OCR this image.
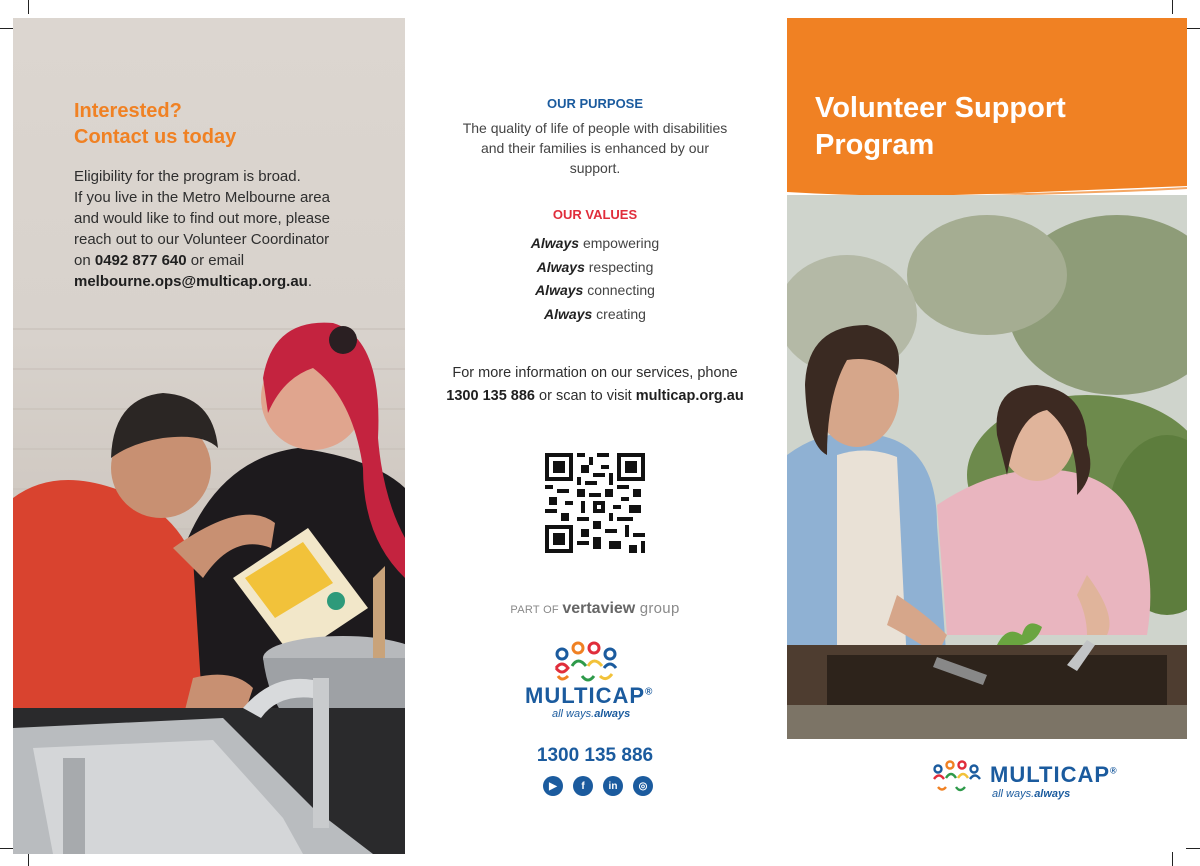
Interested?
Contact us today
Eligibility for the program is broad.
If you live in the Metro Melbourne area
and would like to find out more, please
reach out to our Volunteer Coordinator
on 0492 877 640 or email
melbourne.ops@multicap.org.au.
OUR PURPOSE
The quality of life of people with disabilities and their families is enhanced by our support.
OUR VALUES
Always empowering
Always respecting
Always connecting
Always creating
For more information on our services, phone
1300 135 886 or scan to visit multicap.org.au
PART OF vertaview group
MULTICAP®
all ways.always
1300 135 886
▶	f	in	◎
Volunteer Support
Program
MULTICAP®
all ways.always
